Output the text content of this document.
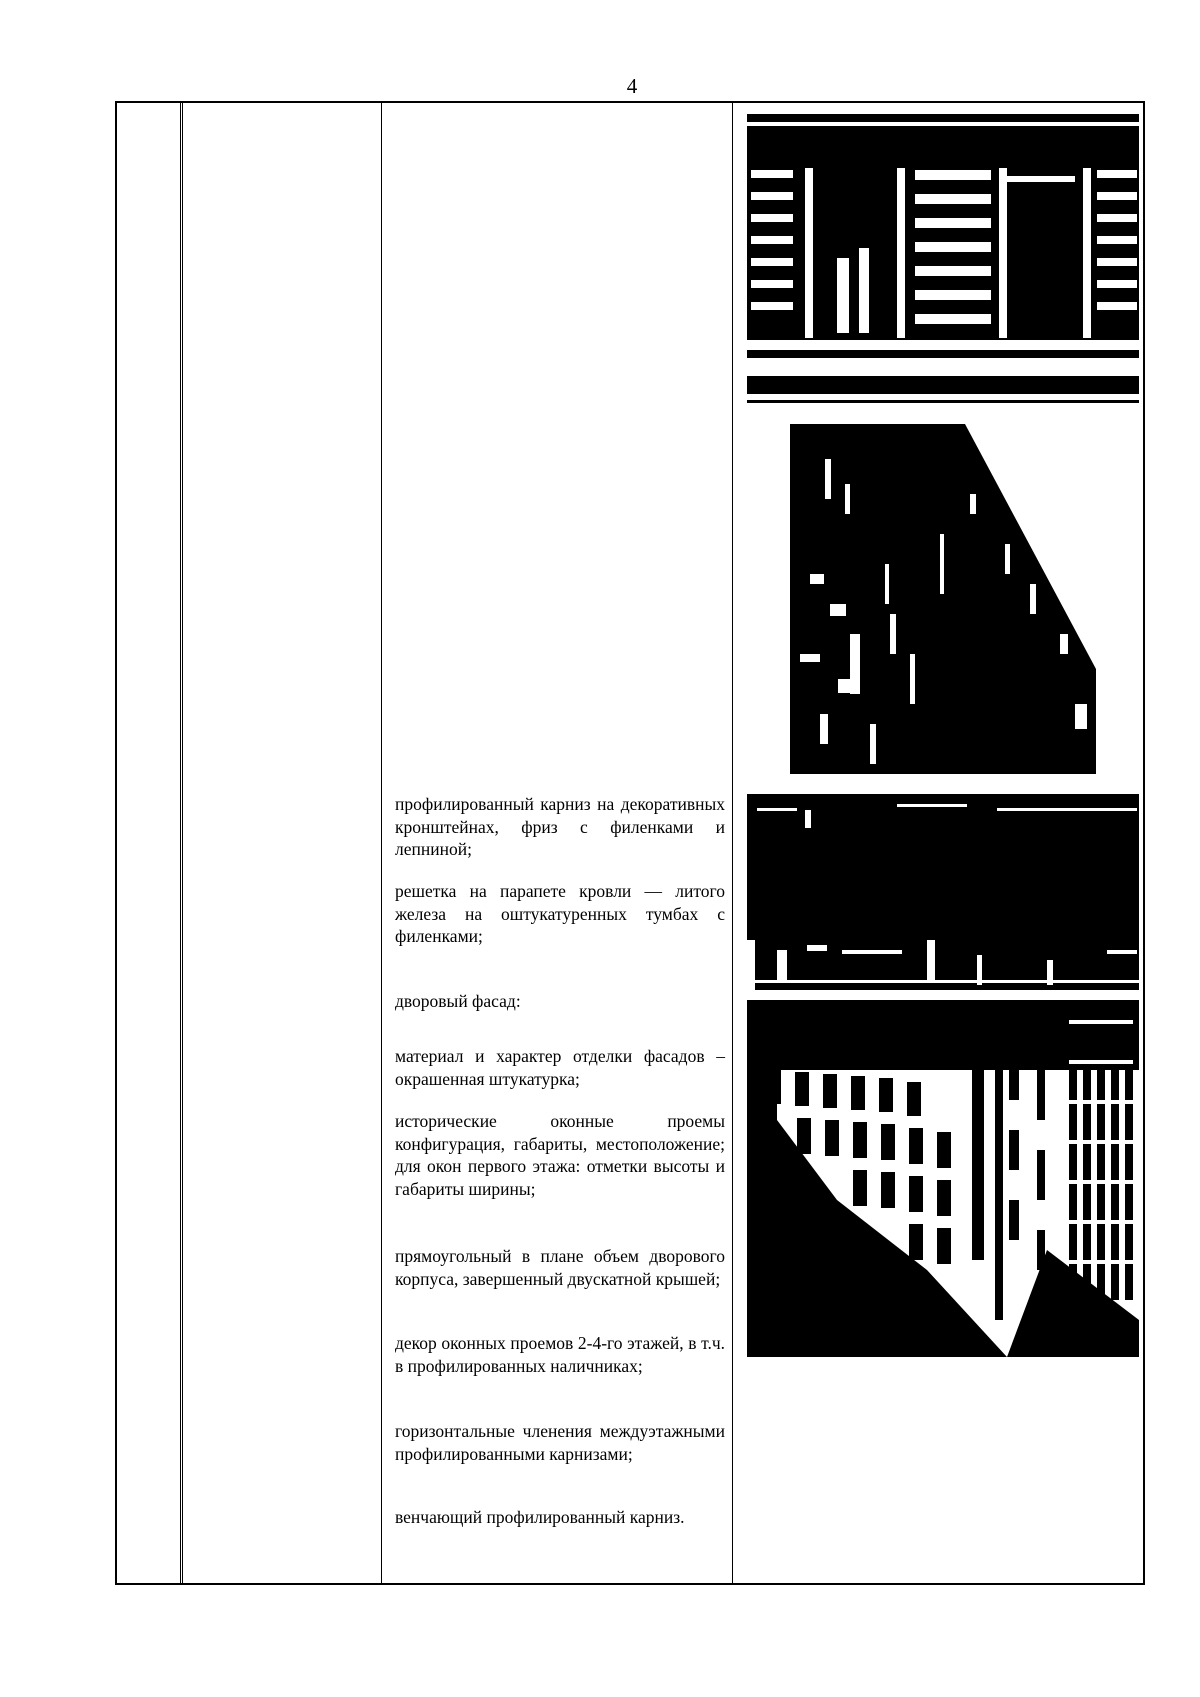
4

профилированный карниз на декоративных кронштейнах, фриз с филенками и лепниной;

решетка на парапете кровли — литого железа на оштукатуренных тумбах с филенками;

дворовый фасад:

материал и характер отделки фасадов – окрашенная штукатурка;

исторические оконные проемы конфигурация, габариты, местоположение; для окон первого этажа: отметки высоты и габариты ширины;

прямоугольный в плане объем дворового корпуса, завершенный двускатной крышей;

декор оконных проемов 2-4-го этажей, в т.ч. в профилированных наличниках;

горизонтальные членения междуэтажными профилированными карнизами;

венчающий профилированный карниз.
